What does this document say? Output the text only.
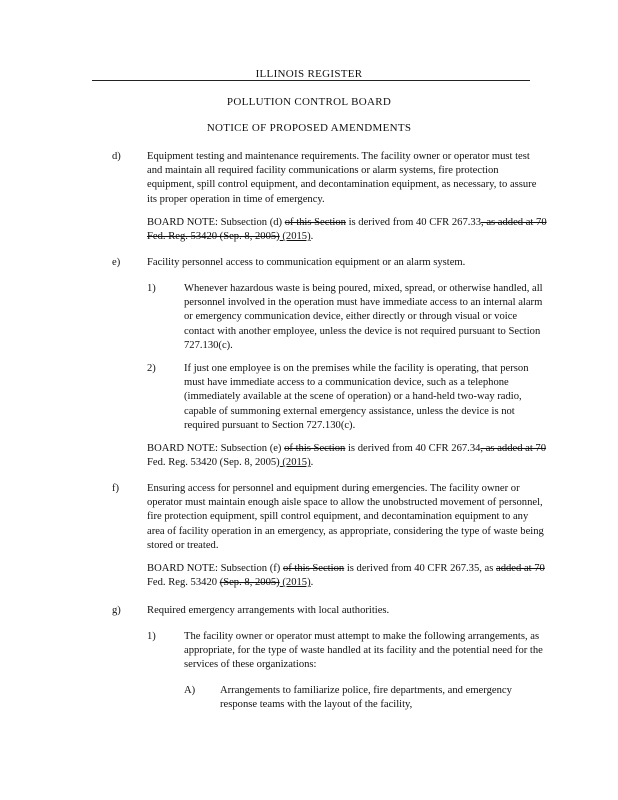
ILLINOIS REGISTER
POLLUTION CONTROL BOARD
NOTICE OF PROPOSED AMENDMENTS
d) Equipment testing and maintenance requirements. The facility owner or operator must test and maintain all required facility communications or alarm systems, fire protection equipment, spill control equipment, and decontamination equipment, as necessary, to assure its proper operation in time of emergency.
BOARD NOTE: Subsection (d) of this Section is derived from 40 CFR 267.33, as added at 70 Fed. Reg. 53420 (Sep. 8, 2005) (2015).
e)	Facility personnel access to communication equipment or an alarm system.
1)	Whenever hazardous waste is being poured, mixed, spread, or otherwise handled, all personnel involved in the operation must have immediate access to an internal alarm or emergency communication device, either directly or through visual or voice contact with another employee, unless the device is not required pursuant to Section 727.130(c).
2)	If just one employee is on the premises while the facility is operating, that person must have immediate access to a communication device, such as a telephone (immediately available at the scene of operation) or a hand-held two-way radio, capable of summoning external emergency assistance, unless the device is not required pursuant to Section 727.130(c).
BOARD NOTE: Subsection (e) of this Section is derived from 40 CFR 267.34, as added at 70 Fed. Reg. 53420 (Sep. 8, 2005) (2015).
f)	Ensuring access for personnel and equipment during emergencies. The facility owner or operator must maintain enough aisle space to allow the unobstructed movement of personnel, fire protection equipment, spill control equipment, and decontamination equipment to any area of facility operation in an emergency, as appropriate, considering the type of waste being stored or treated.
BOARD NOTE: Subsection (f) of this Section is derived from 40 CFR 267.35, as added at 70 Fed. Reg. 53420 (Sep. 8, 2005) (2015).
g) Required emergency arrangements with local authorities.
1)	The facility owner or operator must attempt to make the following arrangements, as appropriate, for the type of waste handled at its facility and the potential need for the services of these organizations:
A) Arrangements to familiarize police, fire departments, and emergency response teams with the layout of the facility,
